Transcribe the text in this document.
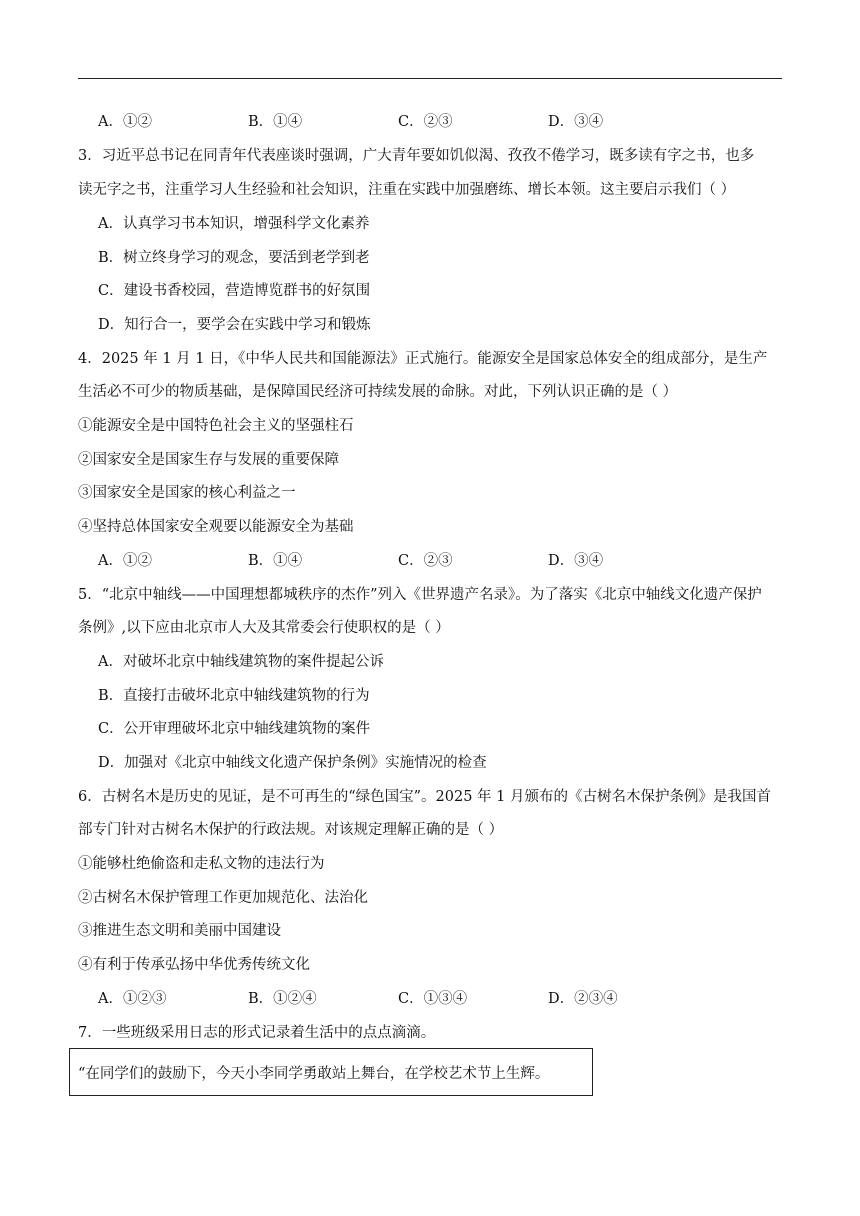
A．①②	B．①④	C．②③	D．③④
3．习近平总书记在同青年代表座谈时强调，广大青年要如饥似渴、孜孜不倦学习，既多读有字之书，也多
读无字之书，注重学习人生经验和社会知识，注重在实践中加强磨练、增长本领。这主要启示我们（ ）
A．认真学习书本知识，增强科学文化素养
B．树立终身学习的观念，要活到老学到老
C．建设书香校园，营造博览群书的好氛围
D．知行合一，要学会在实践中学习和锻炼
4．2025 年 1 月 1 日，《中华人民共和国能源法》正式施行。能源安全是国家总体安全的组成部分，是生产
生活必不可少的物质基础，是保障国民经济可持续发展的命脉。对此，下列认识正确的是（ ）
①能源安全是中国特色社会主义的坚强柱石
②国家安全是国家生存与发展的重要保障
③国家安全是国家的核心利益之一
④坚持总体国家安全观要以能源安全为基础
A．①②	B．①④	C．②③	D．③④
5．“北京中轴线——中国理想都城秩序的杰作”列入《世界遗产名录》。为了落实《北京中轴线文化遗产保护
条例》,以下应由北京市人大及其常委会行使职权的是（ ）
A．对破坏北京中轴线建筑物的案件提起公诉
B．直接打击破坏北京中轴线建筑物的行为
C．公开审理破坏北京中轴线建筑物的案件
D．加强对《北京中轴线文化遗产保护条例》实施情况的检查
6．古树名木是历史的见证，是不可再生的“绿色国宝”。2025 年 1 月颁布的《古树名木保护条例》是我国首
部专门针对古树名木保护的行政法规。对该规定理解正确的是（ ）
①能够杜绝偷盗和走私文物的违法行为
②古树名木保护管理工作更加规范化、法治化
③推进生态文明和美丽中国建设
④有利于传承弘扬中华优秀传统文化
A．①②③	B．①②④	C．①③④	D．②③④
7．一些班级采用日志的形式记录着生活中的点点滴滴。
“在同学们的鼓励下，今天小李同学勇敢站上舞台，在学校艺术节上生辉。
